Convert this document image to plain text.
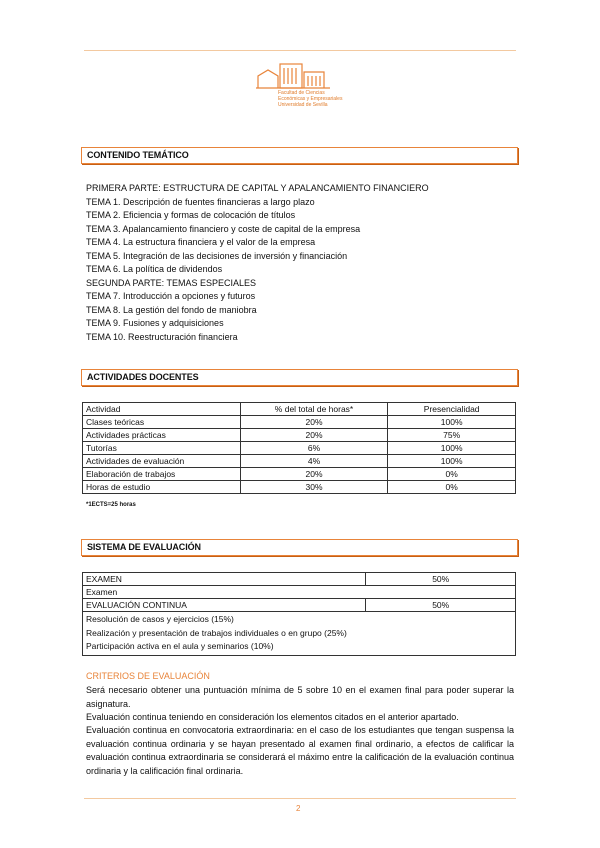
Facultad de Ciencias
Económicas y Empresariales
Universidad de Sevilla
CONTENIDO TEMÁTICO
PRIMERA PARTE: ESTRUCTURA DE CAPITAL Y APALANCAMIENTO FINANCIERO
TEMA 1. Descripción de fuentes financieras a largo plazo
TEMA 2. Eficiencia y formas de colocación de títulos
TEMA 3. Apalancamiento financiero y coste de capital de la empresa
TEMA 4. La estructura financiera y el valor de la empresa
TEMA 5. Integración de las decisiones de inversión y financiación
TEMA 6. La política de dividendos
SEGUNDA PARTE: TEMAS ESPECIALES
TEMA 7. Introducción a opciones y futuros
TEMA 8. La gestión del fondo de maniobra
TEMA 9. Fusiones y adquisiciones
TEMA 10. Reestructuración financiera
ACTIVIDADES DOCENTES
Actividad	% del total de horas*	Presencialidad
Clases teóricas	20%	100%
Actividades prácticas	20%	75%
Tutorías	6%	100%
Actividades de evaluación	4%	100%
Elaboración de trabajos	20%	0%
Horas de estudio	30%	0%
*1ECTS=25 horas
SISTEMA DE EVALUACIÓN
EXAMEN	50%
Examen	
EVALUACIÓN CONTINUA	50%

Resolución de casos y ejercicios (15%)
Realización y presentación de trabajos individuales o en grupo (25%)
Participación activa en el aula y seminarios (10%)	
CRITERIOS DE EVALUACIÓN
Será necesario obtener una puntuación mínima de 5 sobre 10 en el examen final para poder superar la asignatura.
Evaluación continua teniendo en consideración los elementos citados en el anterior apartado.
Evaluación continua en convocatoria extraordinaria: en el caso de los estudiantes que tengan suspensa la evaluación continua ordinaria y se hayan presentado al examen final ordinario, a efectos de calificar la evaluación continua extraordinaria se considerará el máximo entre la calificación de la evaluación continua ordinaria y la calificación final ordinaria.
2
